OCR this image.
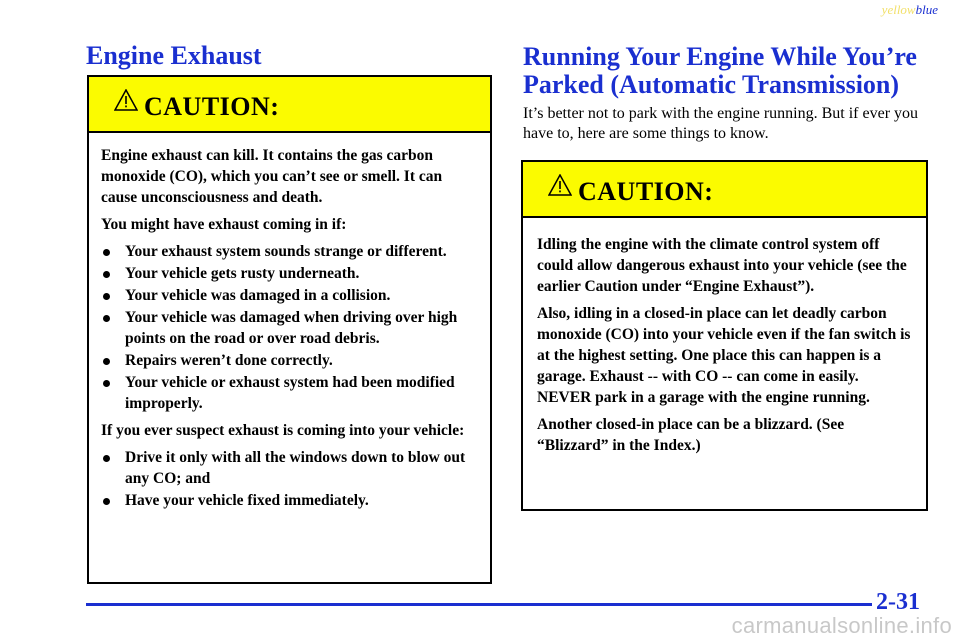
yellowblue
Engine Exhaust
CAUTION:

Engine exhaust can kill. It contains the gas carbon monoxide (CO), which you can’t see or smell. It can cause unconsciousness and death.

You might have exhaust coming in if:

Your exhaust system sounds strange or different.
Your vehicle gets rusty underneath.
Your vehicle was damaged in a collision.
Your vehicle was damaged when driving over high points on the road or over road debris.
Repairs weren’t done correctly.
Your vehicle or exhaust system had been modified improperly.

If you ever suspect exhaust is coming into your vehicle:

Drive it only with all the windows down to blow out any CO; and
Have your vehicle fixed immediately.
Running Your Engine While You’re Parked (Automatic Transmission)

It’s better not to park with the engine running. But if ever you have to, here are some things to know.

CAUTION:

Idling the engine with the climate control system off could allow dangerous exhaust into your vehicle (see the earlier Caution under “Engine Exhaust”).

Also, idling in a closed-in place can let deadly carbon monoxide (CO) into your vehicle even if the fan switch is at the highest setting. One place this can happen is a garage. Exhaust -- with CO -- can come in easily. NEVER park in a garage with the engine running.

Another closed-in place can be a blizzard. (See “Blizzard” in the Index.)

2-31
carmanualsonline.info
